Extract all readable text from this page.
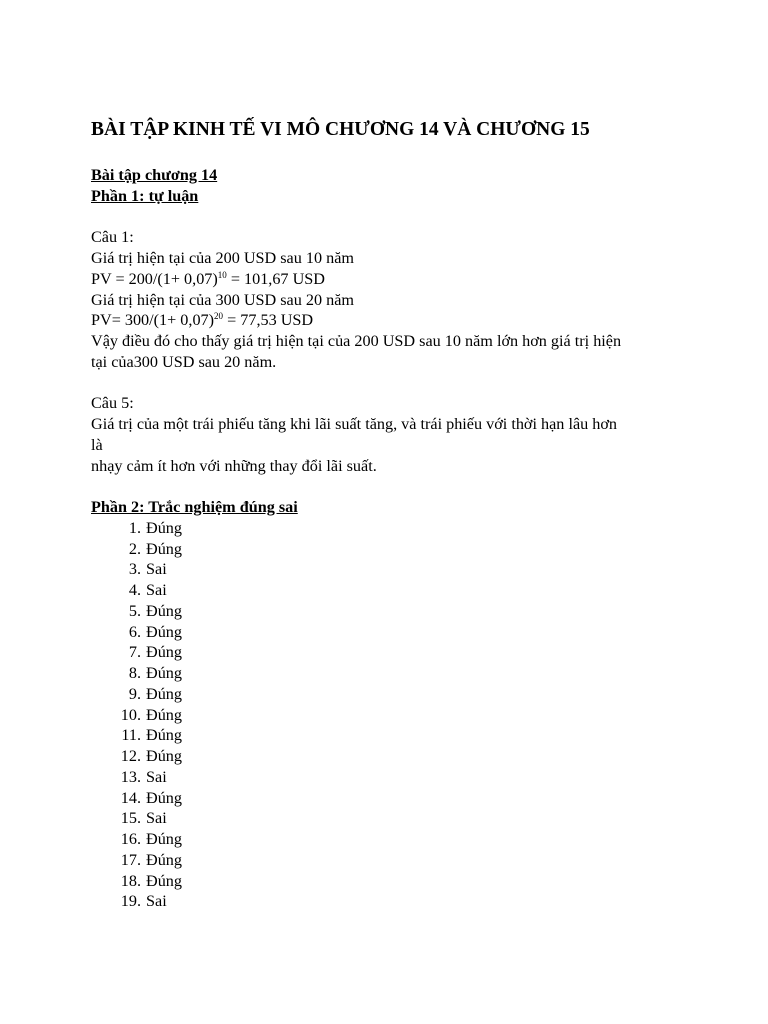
BÀI TẬP KINH TẾ VI MÔ CHƯƠNG 14 VÀ CHƯƠNG 15
Bài tập chương 14
Phần 1: tự luận
Câu 1:
Giá trị hiện tại của 200 USD sau 10 năm
PV = $200/(1+ 0,07)^{10} = 101,67$ USD
Giá trị hiện tại của 300 USD sau 20 năm
$PV= 300/(1+ 0,07)^{20} = 77,53$ USD
Vậy điều đó cho thấy giá trị hiện tại của 200 USD sau 10 năm lớn hơn giá trị hiện
tại của300 USD sau 20 năm.
Câu 5:
Giá trị của một trái phiếu tăng khi lãi suất tăng, và trái phiếu với thời hạn lâu hơn
là
nhạy cảm ít hơn với những thay đổi lãi suất.
Phần 2: Trắc nghiệm đúng sai
1. Đúng
2. Đúng
3. Sai
4. Sai
5. Đúng
6. Đúng
7. Đúng
8. Đúng
9. Đúng
10. Đúng
11. Đúng
12. Đúng
13. Sai
14. Đúng
15. Sai
16. Đúng
17. Đúng
18. Đúng
19. Sai
